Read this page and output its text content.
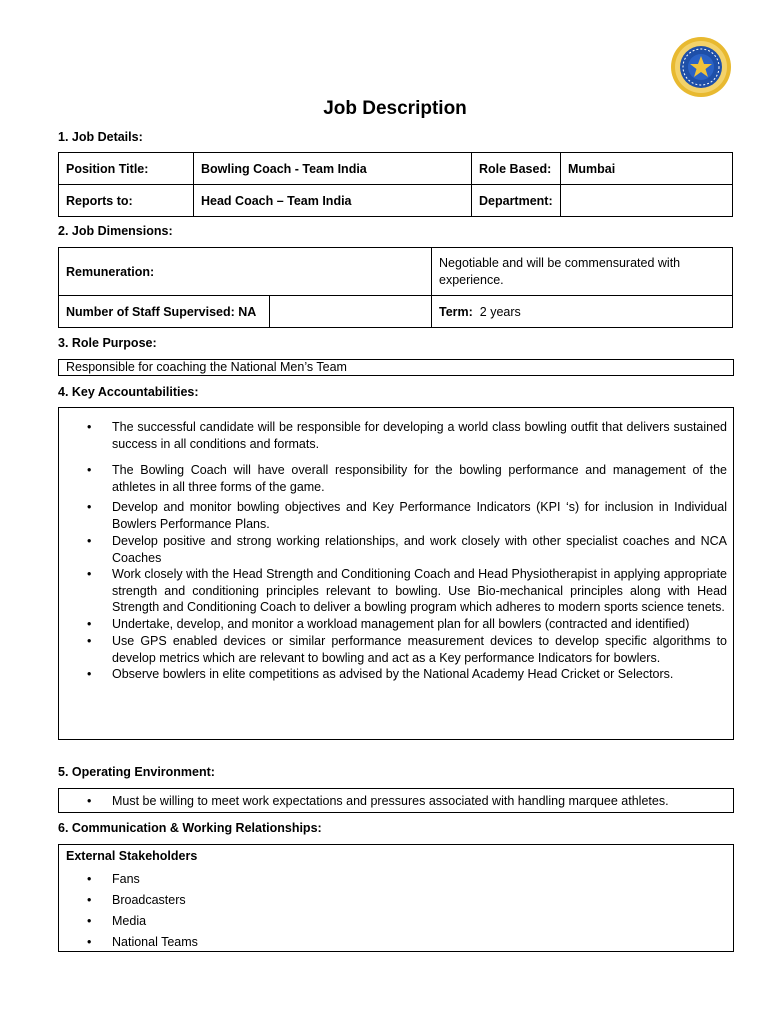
Job Description
1. Job Details:
Position Title:	Bowling Coach - Team India	Role Based:	Mumbai
Reports to:	Head Coach – Team India	Department:	
2. Job Dimensions:
Remuneration:		Negotiable and will be commensurated with experience.
Number of Staff Supervised: NA		Term: 2 years
3. Role Purpose:
Responsible for coaching the National Men’s Team
4. Key Accountabilities:
• The successful candidate will be responsible for developing a world class bowling outfit that delivers sustained success in all conditions and formats.
• The Bowling Coach will have overall responsibility for the bowling performance and management of the athletes in all three forms of the game.
• Develop and monitor bowling objectives and Key Performance Indicators (KPI ‘s) for inclusion in Individual Bowlers Performance Plans.
• Develop positive and strong working relationships, and work closely with other specialist coaches and NCA Coaches
• Work closely with the Head Strength and Conditioning Coach and Head Physiotherapist in applying appropriate strength and conditioning principles relevant to bowling. Use Bio-mechanical principles along with Head Strength and Conditioning Coach to deliver a bowling program which adheres to modern sports science tenets.
• Undertake, develop, and monitor a workload management plan for all bowlers (contracted and identified)
• Use GPS enabled devices or similar performance measurement devices to develop specific algorithms to develop metrics which are relevant to bowling and act as a Key performance Indicators for bowlers.
• Observe bowlers in elite competitions as advised by the National Academy Head Cricket or Selectors.
5. Operating Environment:
• Must be willing to meet work expectations and pressures associated with handling marquee athletes.
6. Communication & Working Relationships:
External Stakeholders
• Fans
• Broadcasters
• Media
• National Teams
